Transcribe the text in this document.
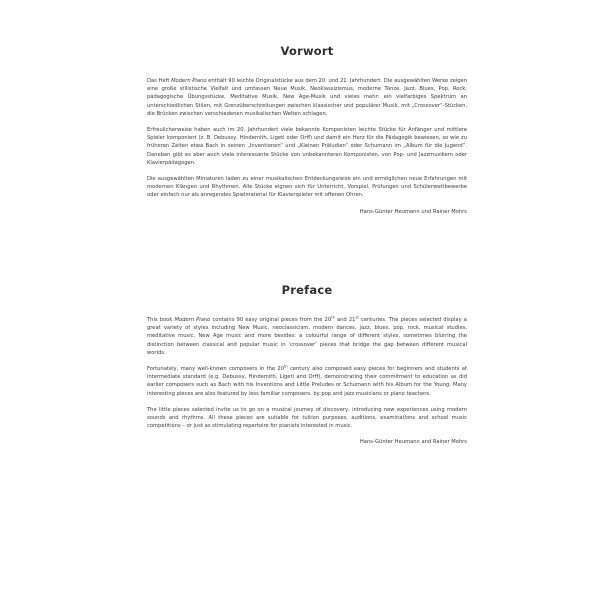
Vorwort

Das Heft Modern Piano enthält 90 leichte Originalstücke aus dem 20. und 21. Jahrhundert. Die ausgewählten Werke zeigen eine große stilistische Vielfalt und umfassen Neue Musik, Neoklassizismus, moderne Tänze, Jazz, Blues, Pop, Rock, pädagogische Übungsstücke, Meditative Musik, New Age-Musik und vieles mehr: ein vielfarbiges Spektrum an unterschiedlichen Stilen, mit Grenzüberschreitungen zwischen klassischer und populärer Musik, mit „Crossover“-Stücken, die Brücken zwischen verschiedenen musikalischen Welten schlagen.

Erfreulicherweise haben auch im 20. Jahrhundert viele bekannte Komponisten leichte Stücke für Anfänger und mittlere Spieler komponiert (z. B. Debussy, Hindemith, Ligeti oder Orff) und damit ein Herz für die Pädagogik bewiesen, so wie zu früheren Zeiten etwa Bach in seinen „Inventionen“ und „Kleinen Präludien“ oder Schumann im „Album für die Jugend“. Daneben gibt es aber auch viele interessante Stücke von unbekannteren Komponisten, von Pop- und Jazzmusikern oder Klavierpädagogen.

Die ausgewählten Miniaturen laden zu einer musikalischen Entdeckungsreise ein und ermöglichen neue Erfahrungen mit modernen Klängen und Rhythmen. Alle Stücke eignen sich für Unterricht, Vorspiel, Prüfungen und Schülerwettbewerbe oder einfach nur als anregendes Spielmaterial für Klavierspieler mit offenen Ohren.

Hans-Günter Heumann und Rainer Mohrs

Preface

This book Modern Piano contains 90 easy original pieces from the 20th and 21st centuries. The pieces selected display a great variety of styles including New Music, neoclassicism, modern dances, jazz, blues, pop, rock, musical studies, meditative music, New Age music and more besides: a colourful range of different styles, sometimes blurring the distinction between classical and popular music in ‘crossover’ pieces that bridge the gap between different musical worlds.

Fortunately, many well-known composers in the 20th century also composed easy pieces for beginners and students at intermediate standard (e.g. Debussy, Hindemith, Ligeti and Orff), demonstrating their commitment to education as did earlier composers such as Bach with his Inventions and Little Preludes or Schumann with his Album for the Young. Many interesting pieces are also featured by less familiar composers, by pop and jazz musicians or piano teachers.

The little pieces selected invite us to go on a musical journey of discovery, introducing new experiences using modern sounds and rhythms. All these pieces are suitable for tuition purposes, auditions, examinations and school music competitions – or just as stimulating repertoire for pianists interested in music.

Hans-Günter Heumann and Rainer Mohrs
